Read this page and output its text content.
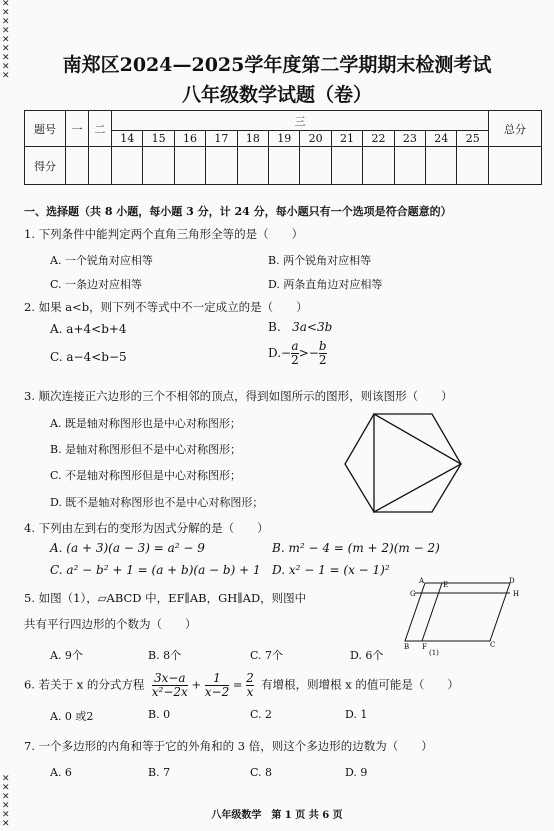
✕
✕
✕
✕
✕
✕
✕
✕
✕
✕
✕
✕
✕
✕
✕
南郑区2024—2025学年度第二学期期末检测考试
八年级数学试题（卷）
题号	一	二	三												总分
			14	15	16	17	18	19	20	21	22	23	24	25	
得分															
一、选择题（共 8 小题，每小题 3 分，计 24 分，每小题只有一个选项是符合题意的）
1. 下列条件中能判定两个直角三角形全等的是（　　）
A. 一个锐角对应相等	B. 两个锐角对应相等
C. 一条边对应相等	D. 两条直角边对应相等
2. 如果 a<b，则下列不等式中不一定成立的是（　　）
A. a+4<b+4	B. 3a<3b
C. a−4<b−5	$D.- \frac{a}{2} >- \frac{b}{2}$
3. 顺次连接正六边形的三个不相邻的顶点，得到如图所示的图形，则该图形（　　）
A. 既是轴对称图形也是中心对称图形；
B. 是轴对称图形但不是中心对称图形；
C. 不是轴对称图形但是中心对称图形；
D. 既不是轴对称图形也不是中心对称图形；
4. 下列由左到右的变形为因式分解的是（　　）
A. (a + 3)(a − 3) = a² − 9	B. m² − 4 = (m + 2)(m − 2)
C. a² − b² + 1 = (a + b)(a − b) + 1 D. x² − 1 = (x − 1)²
5. 如图（1），▱ABCD 中，EF∥AB，GH∥AD，则图中
共有平行四边形的个数为（　　）
A. 9个	B. 8个	C. 7个	D. 6个
A	E	D
G	H
B F	C
(1)
6. 若关于 x 的分式方程 $\frac{3x-a}{\text{x²−2x}} + \frac{1}{x-2} = \frac{2}{x}$ 有增根，则增根 x 的值可能是（　　）
A. 0 或2	B. 0	C. 2	D. 1
7. 一个多边形的内角和等于它的外角和的 3 倍，则这个多边形的边数为（　　）
A. 6	B. 7	C. 8	D. 9
八年级数学　第 1 页 共 6 页
